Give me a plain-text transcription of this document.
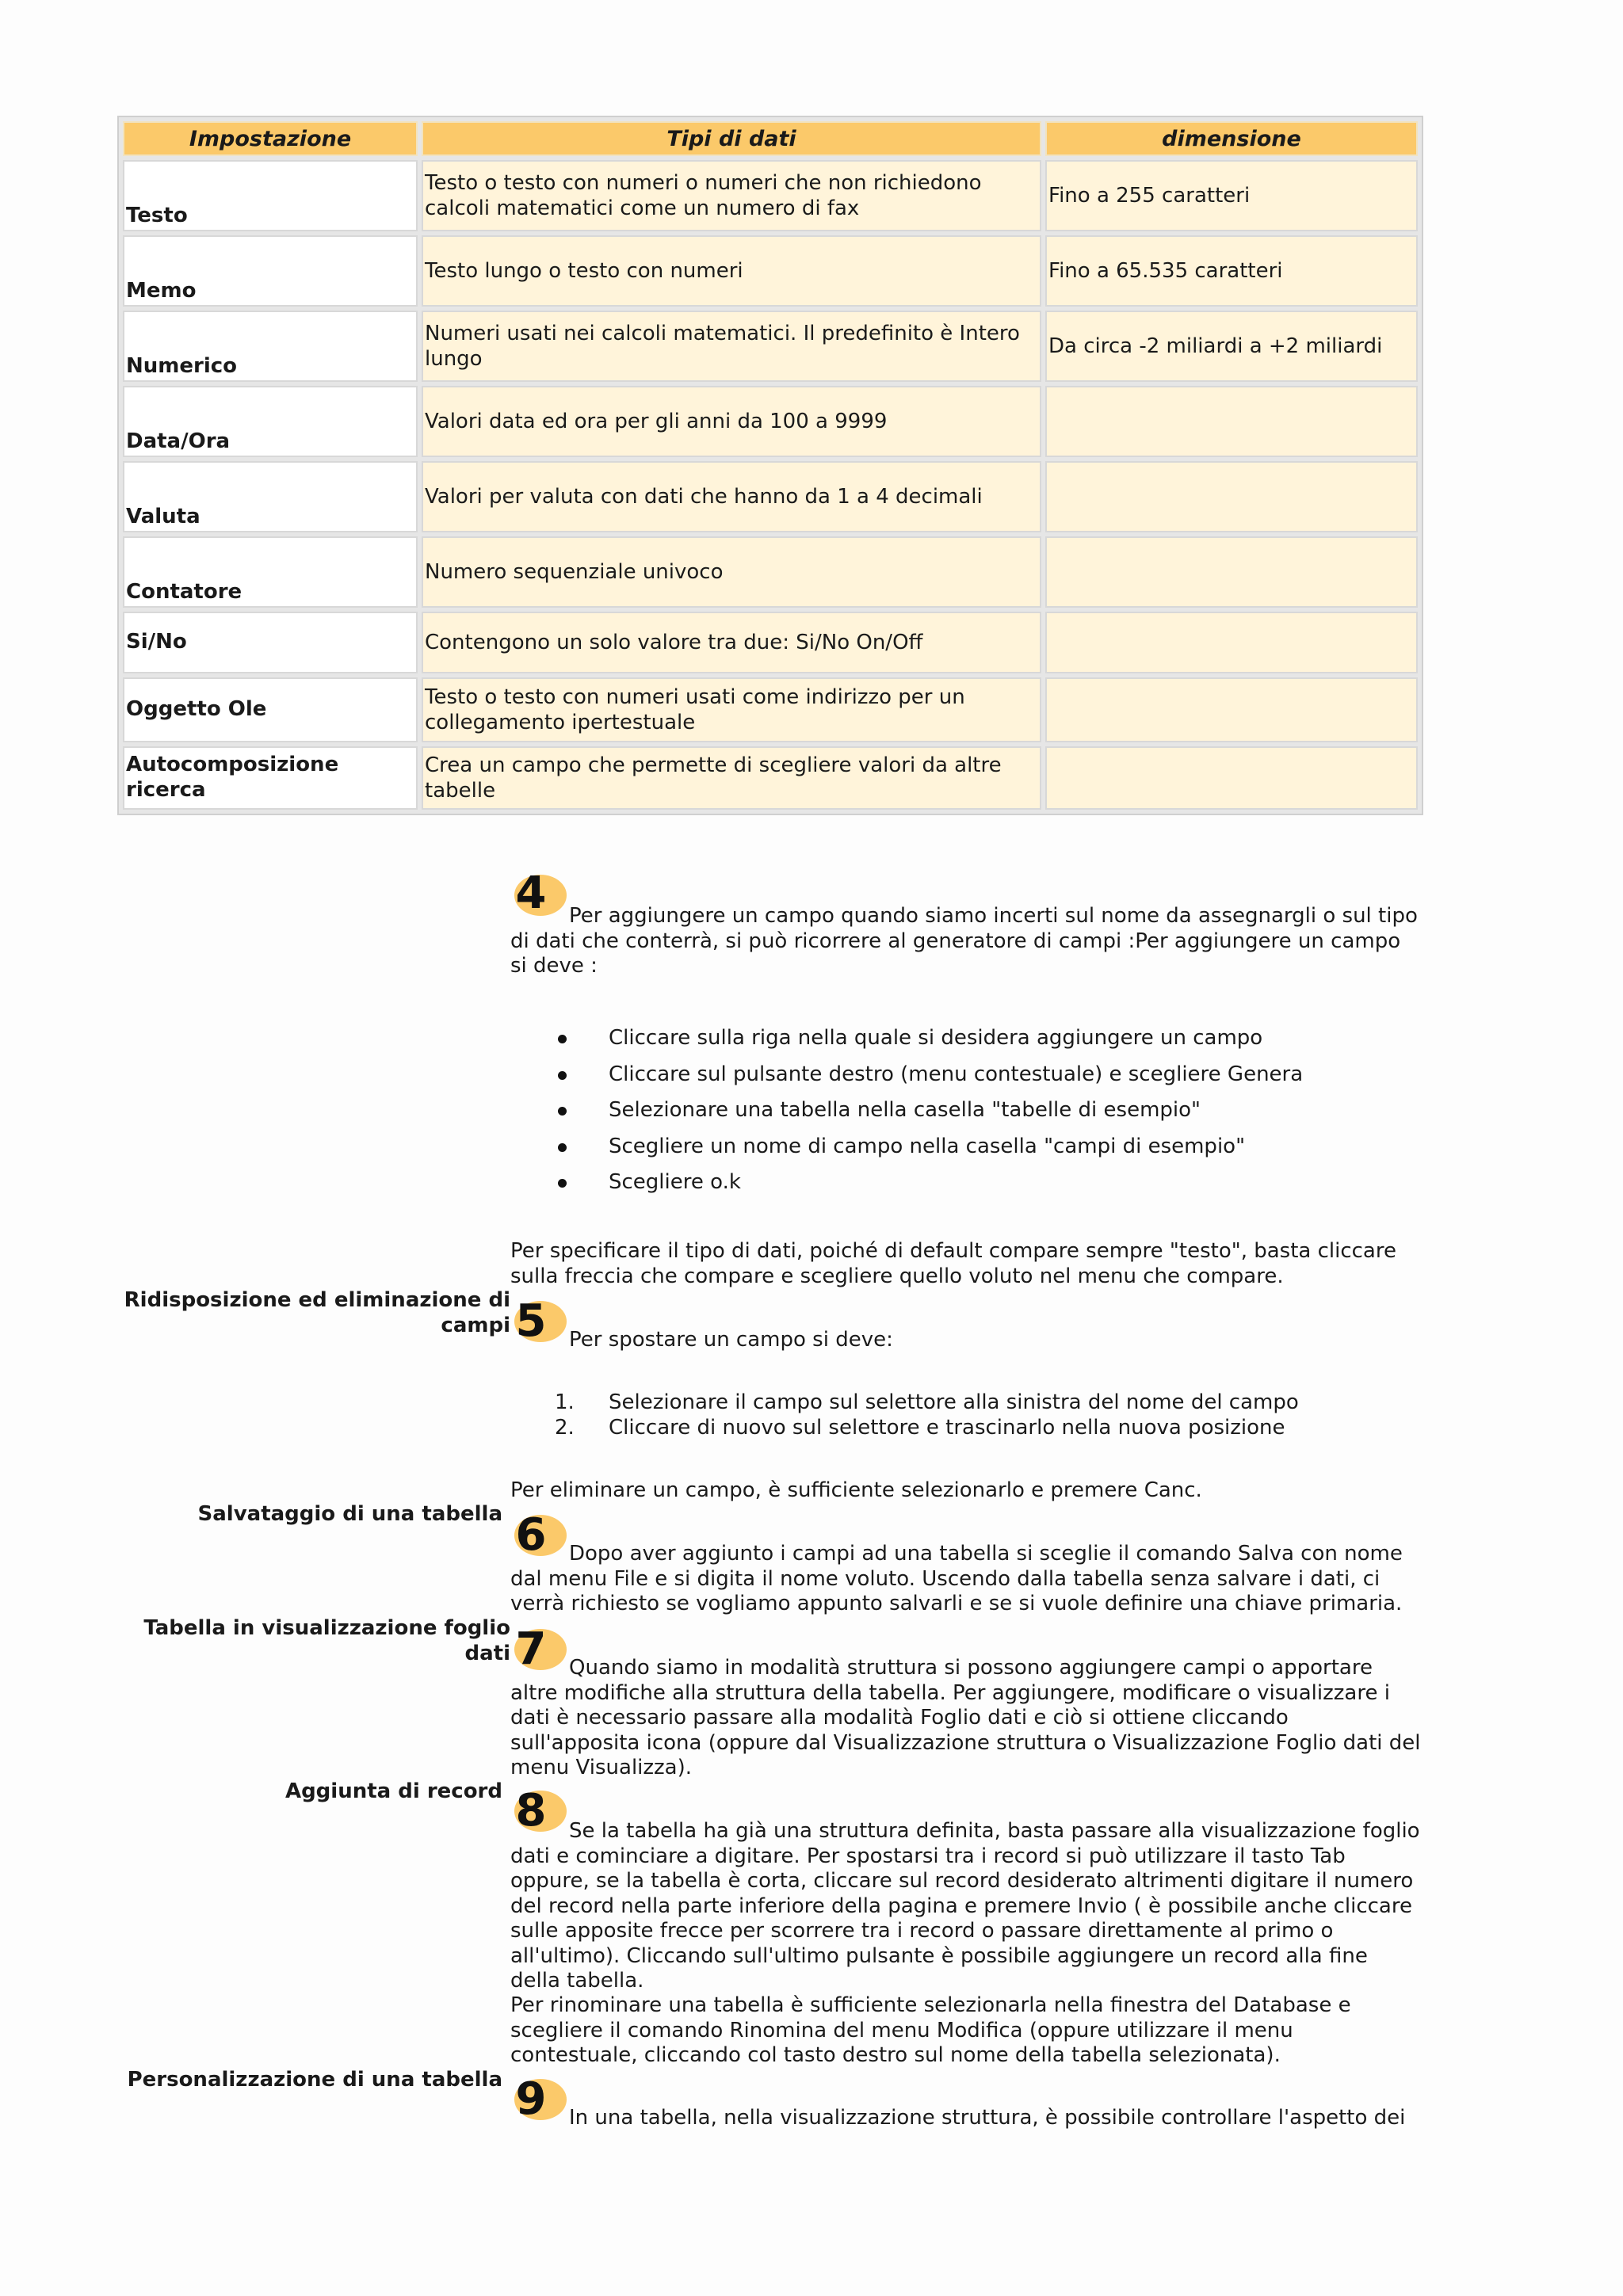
Impostazione	Tipi di dati	dimensione
Testo	Testo o testo con numeri o numeri che non richiedono calcoli matematici come un numero di fax	Fino a 255 caratteri
Memo	Testo lungo o testo con numeri	Fino a 65.535 caratteri
Numerico	Numeri usati nei calcoli matematici. Il predefinito è Intero lungo	Da circa -2 miliardi a +2 miliardi
Data/Ora	Valori data ed ora per gli anni da 100 a 9999	
Valuta	Valori per valuta con dati che hanno da 1 a 4 decimali	
Contatore	Numero sequenziale univoco	
Si/No	Contengono un solo valore tra due: Si/No On/Off	
Oggetto Ole	Testo o testo con numeri usati come indirizzo per un collegamento ipertestuale	
Autocomposizione ricerca	Crea un campo che permette di scegliere valori da altre tabelle	
4	Per aggiungere un campo quando siamo incerti sul nome da assegnargli o sul tipo di dati che conterrà, si può ricorrere al generatore di campi :Per aggiungere un campo si deve :
Cliccare sulla riga nella quale si desidera aggiungere un campo
Cliccare sul pulsante destro (menu contestuale) e scegliere Genera
Selezionare una tabella nella casella "tabelle di esempio"
Scegliere un nome di campo nella casella "campi di esempio"
Scegliere o.k
Per specificare il tipo di dati, poiché di default compare sempre "testo", basta cliccare sulla freccia che compare e scegliere quello voluto nel menu che compare.
Ridisposizione ed eliminazione di campi 5 Per spostare un campo si deve:
1. Selezionare il campo sul selettore alla sinistra del nome del campo
2. Cliccare di nuovo sul selettore e trascinarlo nella nuova posizione
Per eliminare un campo, è sufficiente selezionarlo e premere Canc.
Salvataggio di una tabella 6	Dopo aver aggiunto i campi ad una tabella si sceglie il comando Salva con nome dal menu File e si digita il nome voluto. Uscendo dalla tabella senza salvare i dati, ci verrà richiesto se vogliamo appunto salvarli e se si vuole definire una chiave primaria.
Tabella in visualizzazione foglio dati 7	Quando siamo in modalità struttura si possono aggiungere campi o apportare altre modifiche alla struttura della tabella. Per aggiungere, modificare o visualizzare i dati è necessario passare alla modalità Foglio dati e ciò si ottiene cliccando sull'apposita icona (oppure dal Visualizzazione struttura o Visualizzazione Foglio dati del menu Visualizza).
Aggiunta di record 8	Se la tabella ha già una struttura definita, basta passare alla visualizzazione foglio dati e cominciare a digitare. Per spostarsi tra i record si può utilizzare il tasto Tab oppure, se la tabella è corta, cliccare sul record desiderato altrimenti digitare il numero del record nella parte inferiore della pagina e premere Invio ( è possibile anche cliccare sulle apposite frecce per scorrere tra i record o passare direttamente al primo o all'ultimo). Cliccando sull'ultimo pulsante è possibile aggiungere un record alla fine della tabella.
Per rinominare una tabella è sufficiente selezionarla nella finestra del Database e scegliere il comando Rinomina del menu Modifica (oppure utilizzare il menu contestuale, cliccando col tasto destro sul nome della tabella selezionata).
Personalizzazione di una tabella 9 In una tabella, nella visualizzazione struttura, è possibile controllare l'aspetto dei
